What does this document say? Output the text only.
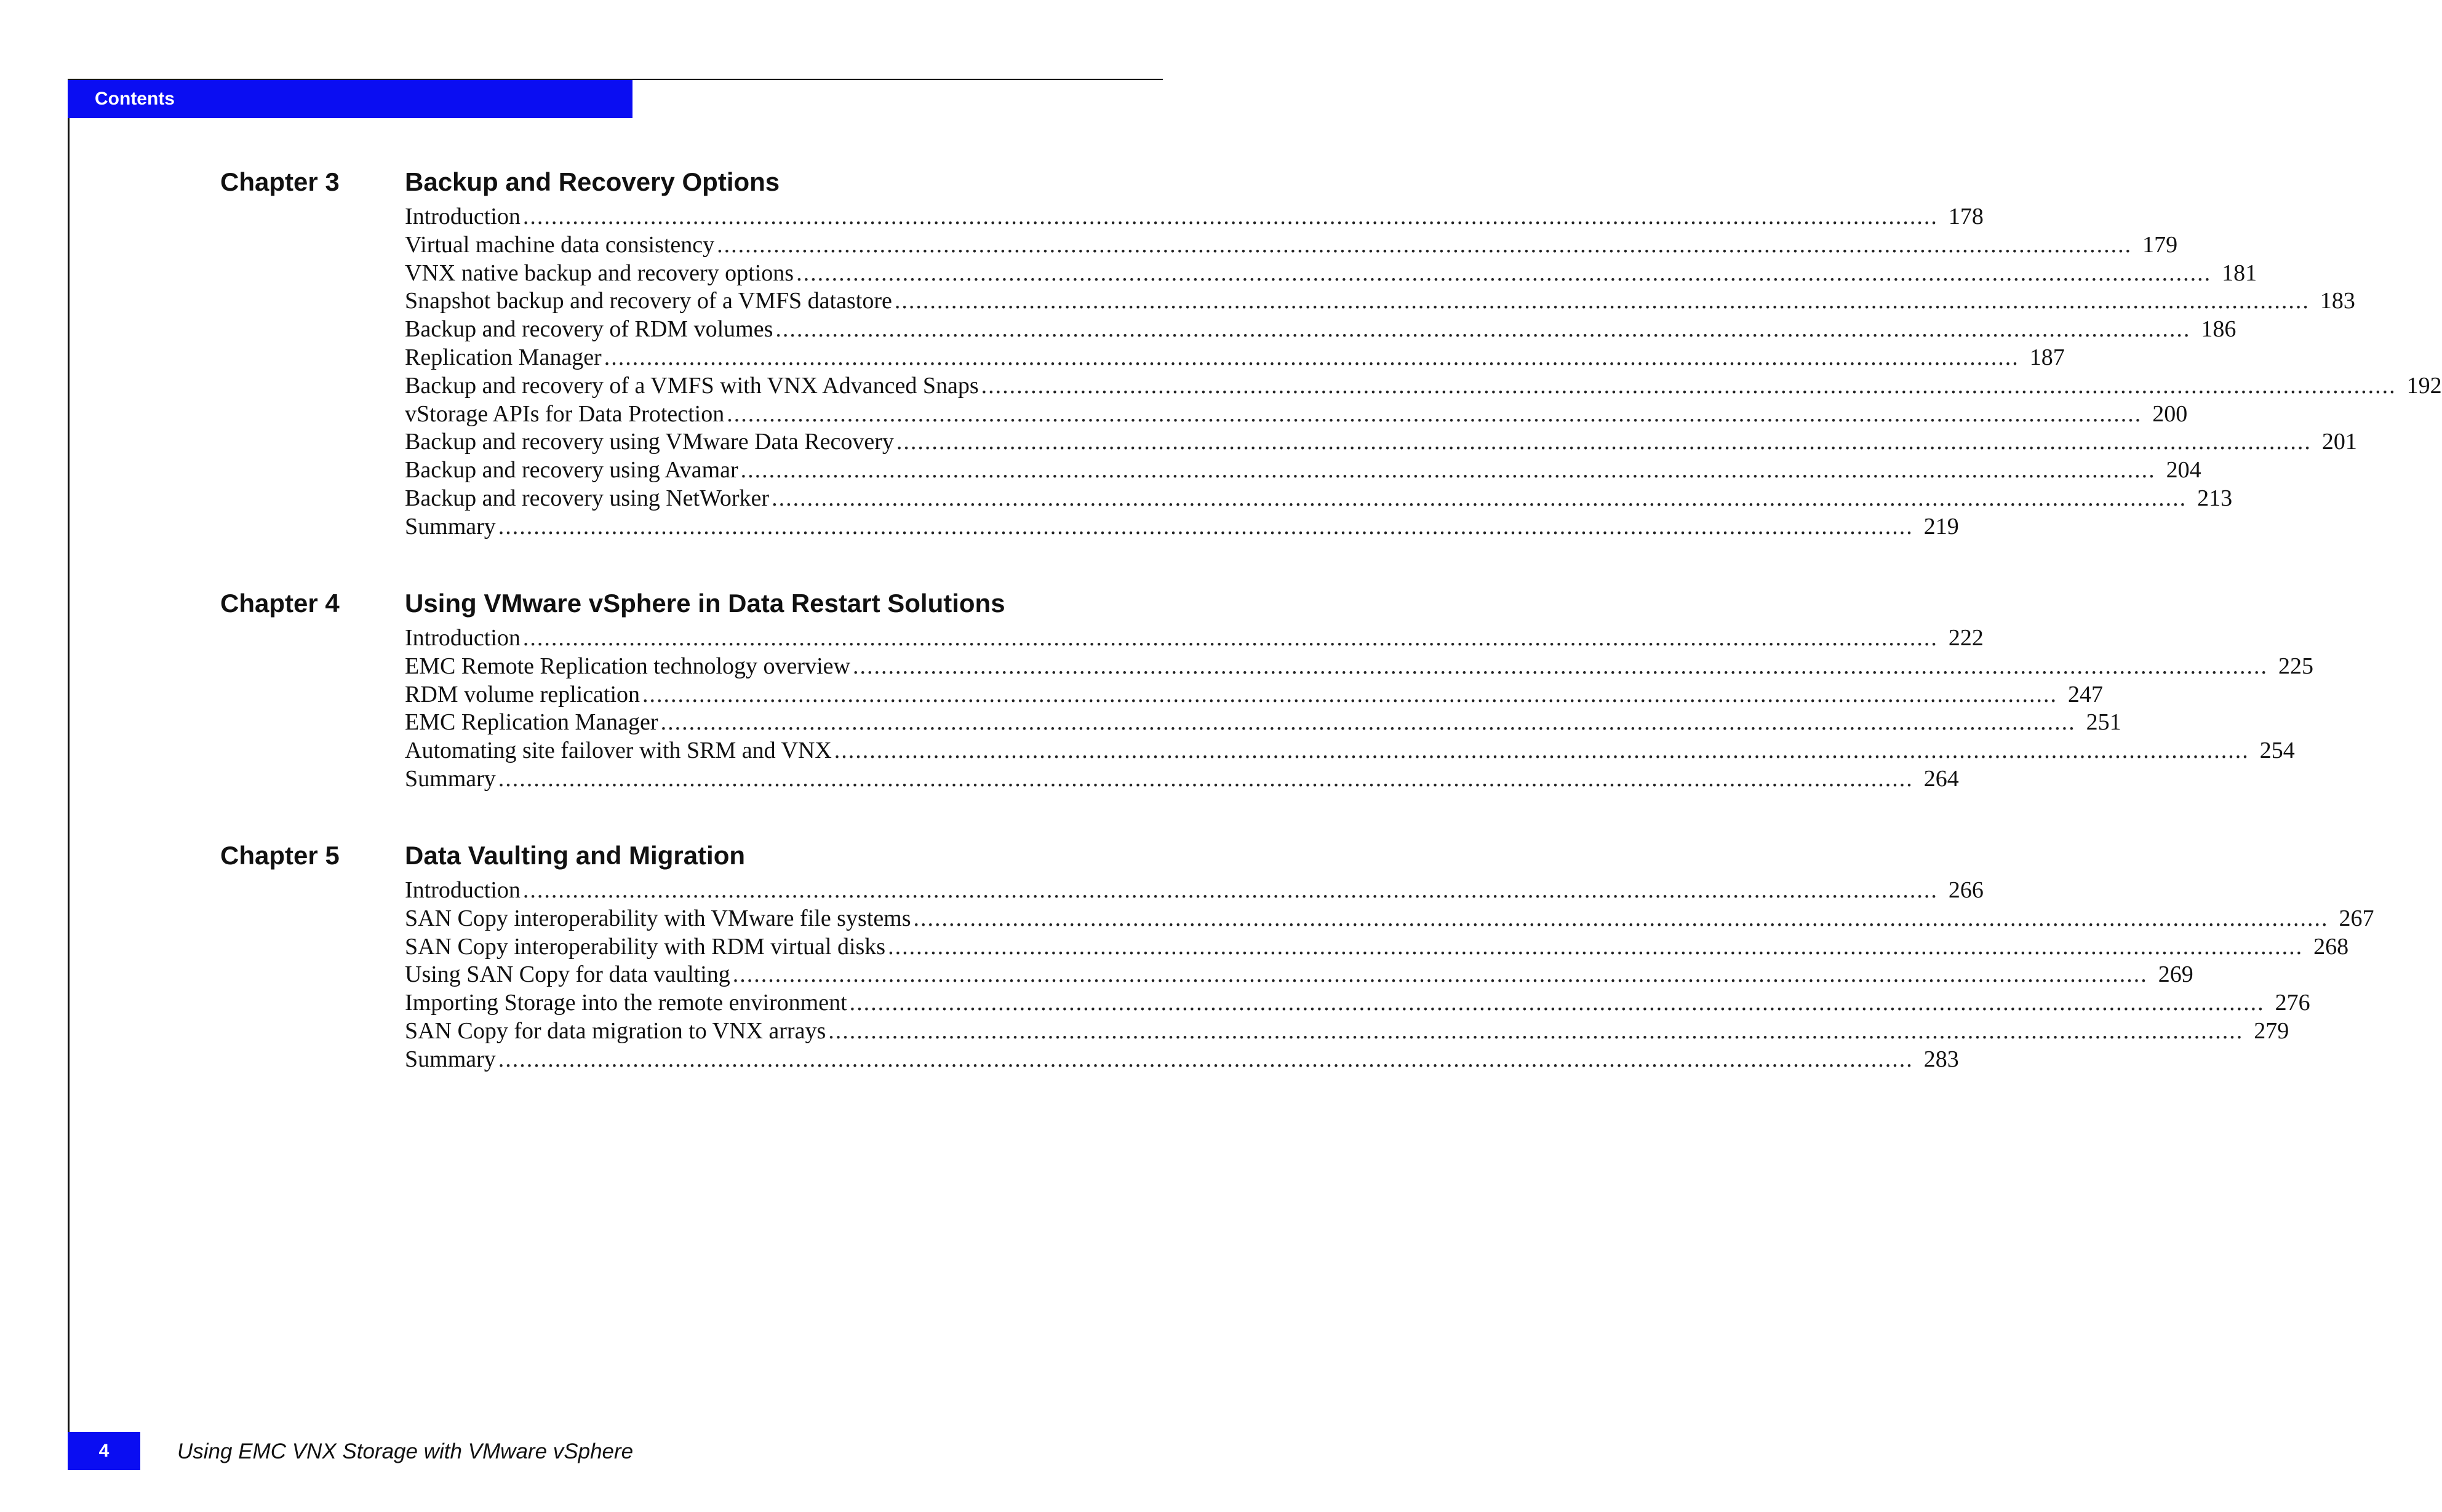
Contents
Chapter 3	Backup and Recovery Options
Introduction ........................................................................................................................................................................................................ 178
Virtual machine data consistency ........................................................................................................................................................................................................ 179
VNX native backup and recovery options ........................................................................................................................................................................................................ 181
Snapshot backup and recovery of a VMFS datastore ........................................................................................................................................................................................................ 183
Backup and recovery of RDM volumes ........................................................................................................................................................................................................ 186
Replication Manager ........................................................................................................................................................................................................ 187
Backup and recovery of a VMFS with VNX Advanced Snaps ........................................................................................................................................................................................................ 192
vStorage APIs for Data Protection ........................................................................................................................................................................................................ 200
Backup and recovery using VMware Data Recovery ........................................................................................................................................................................................................ 201
Backup and recovery using Avamar ........................................................................................................................................................................................................ 204
Backup and recovery using NetWorker ........................................................................................................................................................................................................ 213
Summary ........................................................................................................................................................................................................ 219
Chapter 4	Using VMware vSphere in Data Restart Solutions
Introduction ........................................................................................................................................................................................................ 222
EMC Remote Replication technology overview ........................................................................................................................................................................................................ 225
RDM volume replication ........................................................................................................................................................................................................ 247
EMC Replication Manager ........................................................................................................................................................................................................ 251
Automating site failover with SRM and VNX ........................................................................................................................................................................................................ 254
Summary ........................................................................................................................................................................................................ 264
Chapter 5	Data Vaulting and Migration
Introduction ........................................................................................................................................................................................................ 266
SAN Copy interoperability with VMware file systems ........................................................................................................................................................................................................ 267
SAN Copy interoperability with RDM virtual disks ........................................................................................................................................................................................................ 268
Using SAN Copy for data vaulting ........................................................................................................................................................................................................ 269
Importing Storage into the remote environment ........................................................................................................................................................................................................ 276
SAN Copy for data migration to VNX arrays ........................................................................................................................................................................................................ 279
Summary ........................................................................................................................................................................................................ 283
4	Using EMC VNX Storage with VMware vSphere
